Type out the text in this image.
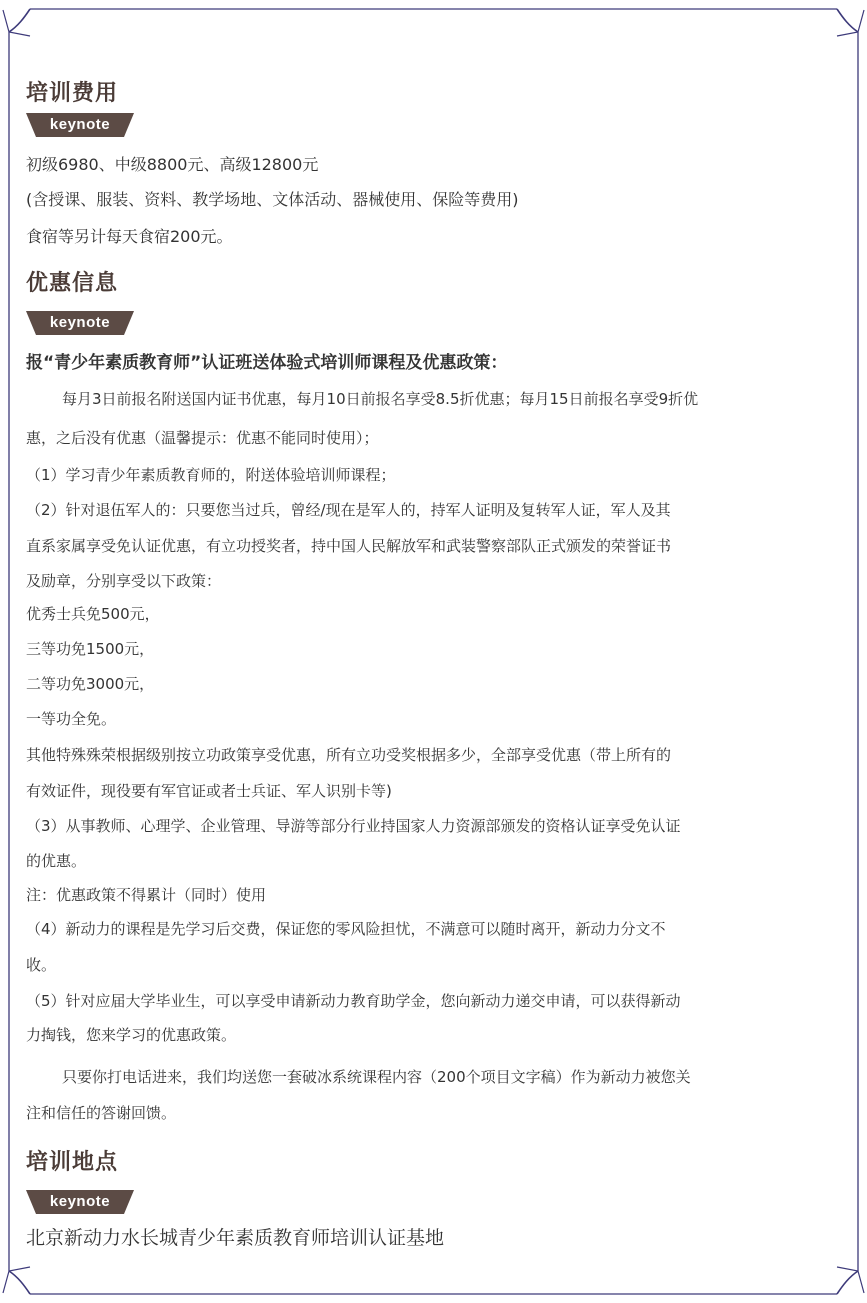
培训费用
keynote
初级6980、中级8800元、高级12800元
(含授课、服装、资料、教学场地、文体活动、器械使用、保险等费用)
食宿等另计每天食宿200元。
优惠信息
keynote
报“青少年素质教育师”认证班送体验式培训师课程及优惠政策：
每月3日前报名附送国内证书优惠，每月10日前报名享受8.5折优惠；每月15日前报名享受9折优
惠，之后没有优惠（温馨提示：优惠不能同时使用）；
（1）学习青少年素质教育师的，附送体验培训师课程；
（2）针对退伍军人的：只要您当过兵，曾经/现在是军人的，持军人证明及复转军人证，军人及其
直系家属享受免认证优惠，有立功授奖者，持中国人民解放军和武装警察部队正式颁发的荣誉证书
及励章，分别享受以下政策：
优秀士兵免500元，
三等功免1500元，
二等功免3000元，
一等功全免。
其他特殊殊荣根据级别按立功政策享受优惠，所有立功受奖根据多少，全部享受优惠（带上所有的
有效证件，现役要有军官证或者士兵证、军人识别卡等)
（3）从事教师、心理学、企业管理、导游等部分行业持国家人力资源部颁发的资格认证享受免认证
的优惠。
注：优惠政策不得累计（同时）使用
（4）新动力的课程是先学习后交费，保证您的零风险担忧，不满意可以随时离开，新动力分文不
收。
（5）针对应届大学毕业生，可以享受申请新动力教育助学金，您向新动力递交申请，可以获得新动
力掏钱，您来学习的优惠政策。
只要你打电话进来，我们均送您一套破冰系统课程内容（200个项目文字稿）作为新动力被您关
注和信任的答谢回馈。
培训地点
keynote
北京新动力水长城青少年素质教育师培训认证基地
